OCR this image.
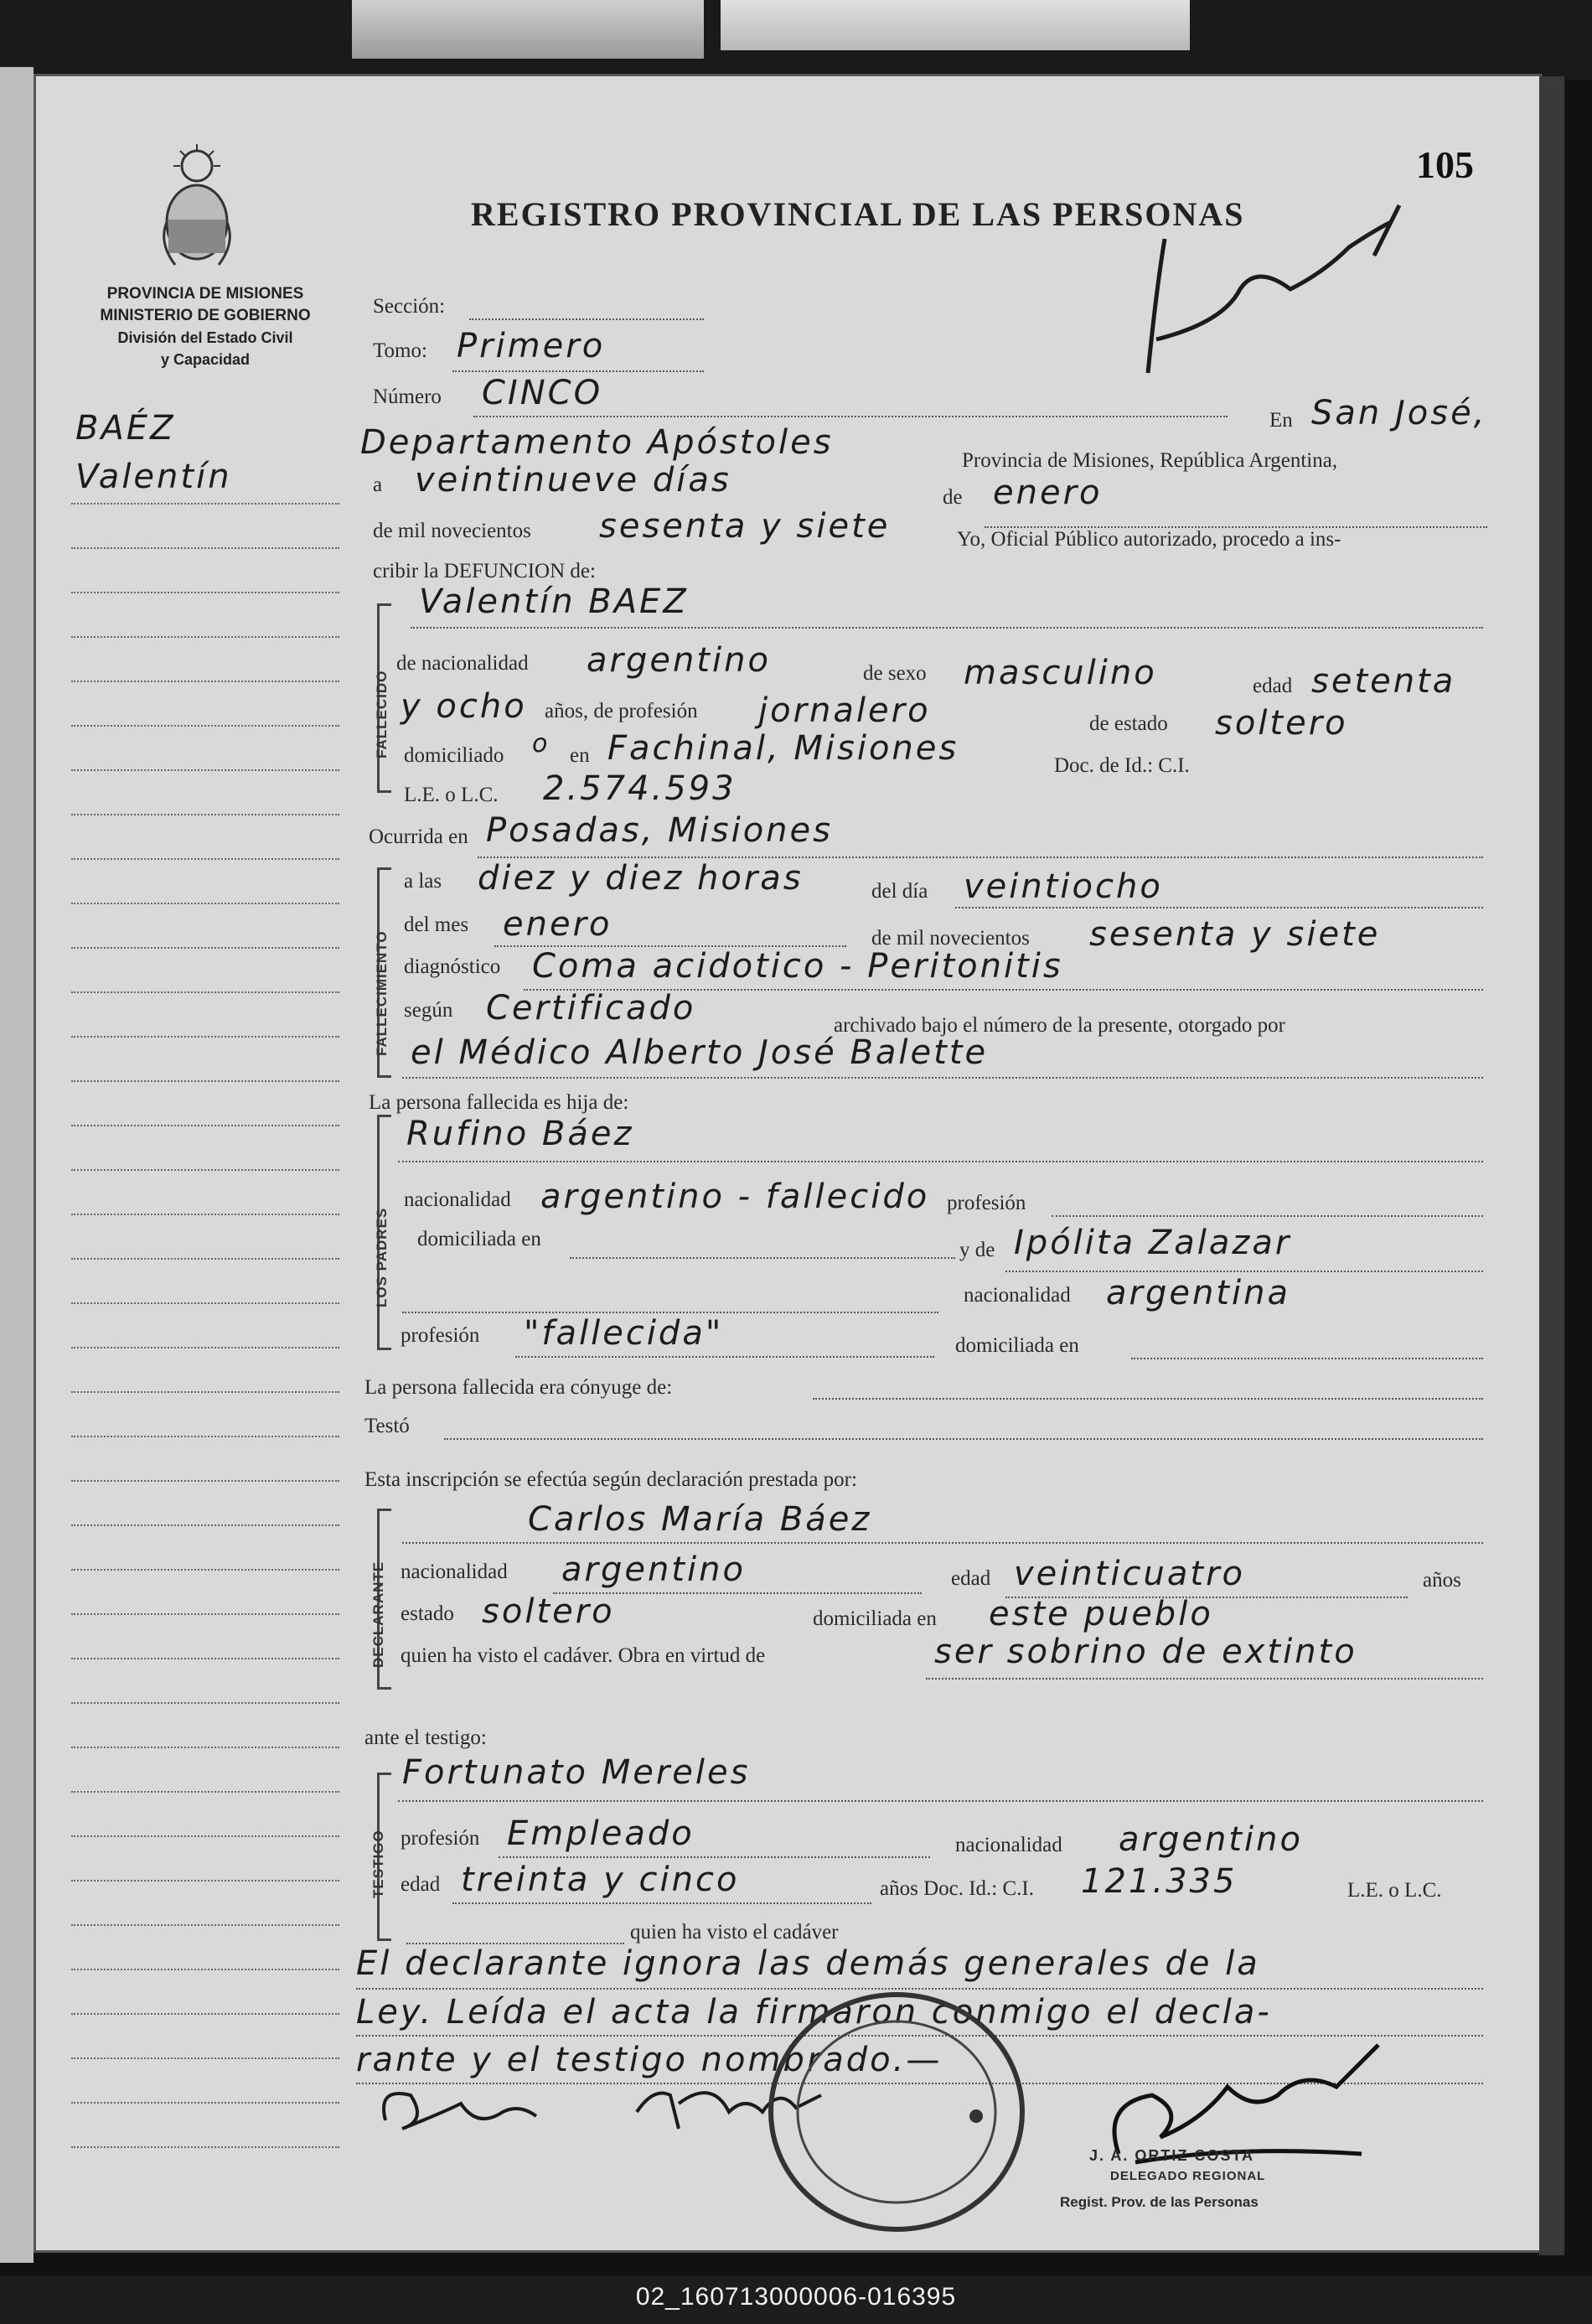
REGISTRO PROVINCIAL DE LAS PERSONAS
105
PROVINCIA DE MISIONES
MINISTERIO DE GOBIERNO
División del Estado Civil
y Capacidad
BAÉZ
Valentín
Sección:
Tomo: Primero
Número CINCO
En San José,
Departamento Apóstoles	Provincia de Misiones, República Argentina,
a veintinueve días	de enero
de mil novecientos sesenta y siete	Yo, Oficial Público autorizado, procedo a ins-
cribir la DEFUNCION de:
FALLECIDO
Valentín BAEZ
de nacionalidad argentino	de sexo masculino	edad setenta
y ocho años, de profesión jornalero	de estado soltero
domiciliado o en Fachinal, Misiones	Doc. de Id.: C.I.
L.E. o L.C. 2.574.593
Ocurrida en Posadas, Misiones
FALLECIMIENTO
a las diez y diez horas	del día veintiocho
del mes enero	de mil novecientos sesenta y siete
diagnóstico Coma acidotico - Peritonitis
según Certificado	archivado bajo el número de la presente, otorgado por
el Médico Alberto José Balette
La persona fallecida es hija de:
LOS PADRES
Rufino Báez
nacionalidad argentino - fallecido profesión
domiciliada en	y de Ipólita Zalazar
nacionalidad argentina
profesión "fallecida"	domiciliada en
La persona fallecida era cónyuge de:
Testó
Esta inscripción se efectúa según declaración prestada por:
DECLARANTE
Carlos María Báez
nacionalidad argentino	edad veinticuatro	años
estado soltero	domiciliada en este pueblo
quien ha visto el cadáver. Obra en virtud de	ser sobrino de extinto
ante el testigo:
TESTIGO
Fortunato Mereles
profesión Empleado	nacionalidad argentino
edad treinta y cinco	años Doc. Id.: C.I. 121.335	L.E. o L.C.
quien ha visto el cadáver
El declarante ignora las demás generales de la
Ley. Leída el acta la firmaron conmigo el decla-
rante y el testigo nombrado.—
J. A. ORTIZ COSTA
DELEGADO REGIONAL
Regist. Prov. de las Personas
02_160713000006-016395
